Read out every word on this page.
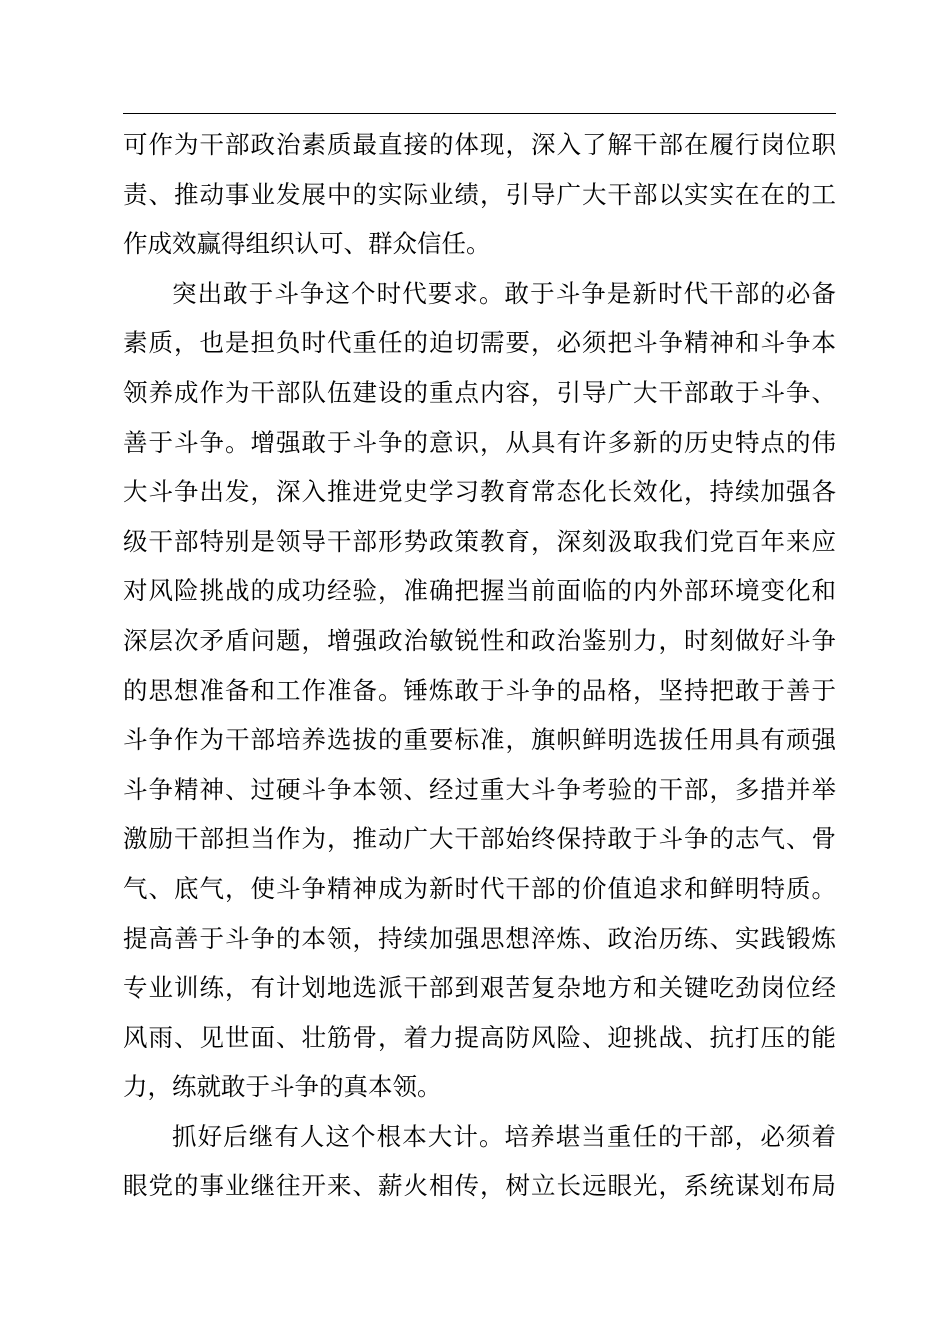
可作为干部政治素质最直接的体现，深入了解干部在履行岗位职
责、推动事业发展中的实际业绩，引导广大干部以实实在在的工
作成效赢得组织认可、群众信任。
突出敢于斗争这个时代要求。敢于斗争是新时代干部的必备
素质，也是担负时代重任的迫切需要，必须把斗争精神和斗争本
领养成作为干部队伍建设的重点内容，引导广大干部敢于斗争、
善于斗争。增强敢于斗争的意识，从具有许多新的历史特点的伟
大斗争出发，深入推进党史学习教育常态化长效化，持续加强各
级干部特别是领导干部形势政策教育，深刻汲取我们党百年来应
对风险挑战的成功经验，准确把握当前面临的内外部环境变化和
深层次矛盾问题，增强政治敏锐性和政治鉴别力，时刻做好斗争
的思想准备和工作准备。锤炼敢于斗争的品格，坚持把敢于善于
斗争作为干部培养选拔的重要标准，旗帜鲜明选拔任用具有顽强
斗争精神、过硬斗争本领、经过重大斗争考验的干部，多措并举
激励干部担当作为，推动广大干部始终保持敢于斗争的志气、骨
气、底气，使斗争精神成为新时代干部的价值追求和鲜明特质。
提高善于斗争的本领，持续加强思想淬炼、政治历练、实践锻炼
专业训练，有计划地选派干部到艰苦复杂地方和关键吃劲岗位经
风雨、见世面、壮筋骨，着力提高防风险、迎挑战、抗打压的能
力，练就敢于斗争的真本领。
抓好后继有人这个根本大计。培养堪当重任的干部，必须着
眼党的事业继往开来、薪火相传，树立长远眼光，系统谋划布局
